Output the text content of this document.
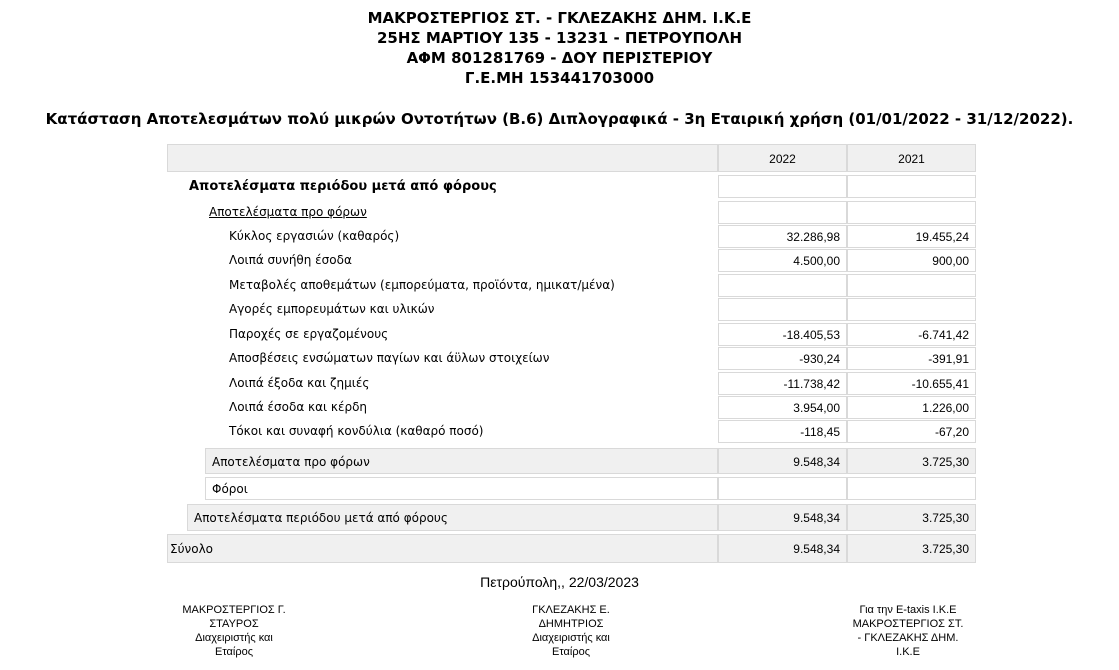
ΜΑΚΡΟΣΤΕΡΓΙΟΣ ΣΤ. - ΓΚΛΕΖΑΚΗΣ ΔΗΜ. Ι.Κ.Ε
25ΗΣ ΜΑΡΤΙΟΥ 135 - 13231 - ΠΕΤΡΟΥΠΟΛΗ
ΑΦΜ 801281769 - ΔΟΥ ΠΕΡΙΣΤΕΡΙΟΥ
Γ.Ε.ΜΗ 153441703000
Κατάσταση Αποτελεσμάτων πολύ μικρών Οντοτήτων (Β.6) Διπλογραφικά - 3η Εταιρική χρήση (01/01/2022 - 31/12/2022).
2022	2021
Αποτελέσματα περιόδου μετά από φόρους
Αποτελέσματα προ φόρων
Κύκλος εργασιών (καθαρός)	32.286,98	19.455,24
Λοιπά συνήθη έσοδα	4.500,00	900,00
Μεταβολές αποθεμάτων (εμπορεύματα, προϊόντα, ημικατ/μένα)
Αγορές εμπορευμάτων και υλικών
Παροχές σε εργαζομένους	-18.405,53	-6.741,42
Αποσβέσεις ενσώματων παγίων και άϋλων στοιχείων	-930,24	-391,91
Λοιπά έξοδα και ζημιές	-11.738,42	-10.655,41
Λοιπά έσοδα και κέρδη	3.954,00	1.226,00
Τόκοι και συναφή κονδύλια (καθαρό ποσό)	-118,45	-67,20
Αποτελέσματα προ φόρων	9.548,34	3.725,30
Φόροι
Αποτελέσματα περιόδου μετά από φόρους	9.548,34	3.725,30
Σύνολο	9.548,34	3.725,30
Πετρούπολη,, 22/03/2023
ΜΑΚΡΟΣΤΕΡΓΙΟΣ Γ.
ΣΤΑΥΡΟΣ
Διαχειριστής και
Εταίρος
ΓΚΛΕΖΑΚΗΣ Ε.
ΔΗΜΗΤΡΙΟΣ
Διαχειριστής και
Εταίρος
Για την E-taxis Ι.Κ.Ε
ΜΑΚΡΟΣΤΕΡΓΙΟΣ ΣΤ.
- ΓΚΛΕΖΑΚΗΣ ΔΗΜ.
Ι.Κ.Ε
